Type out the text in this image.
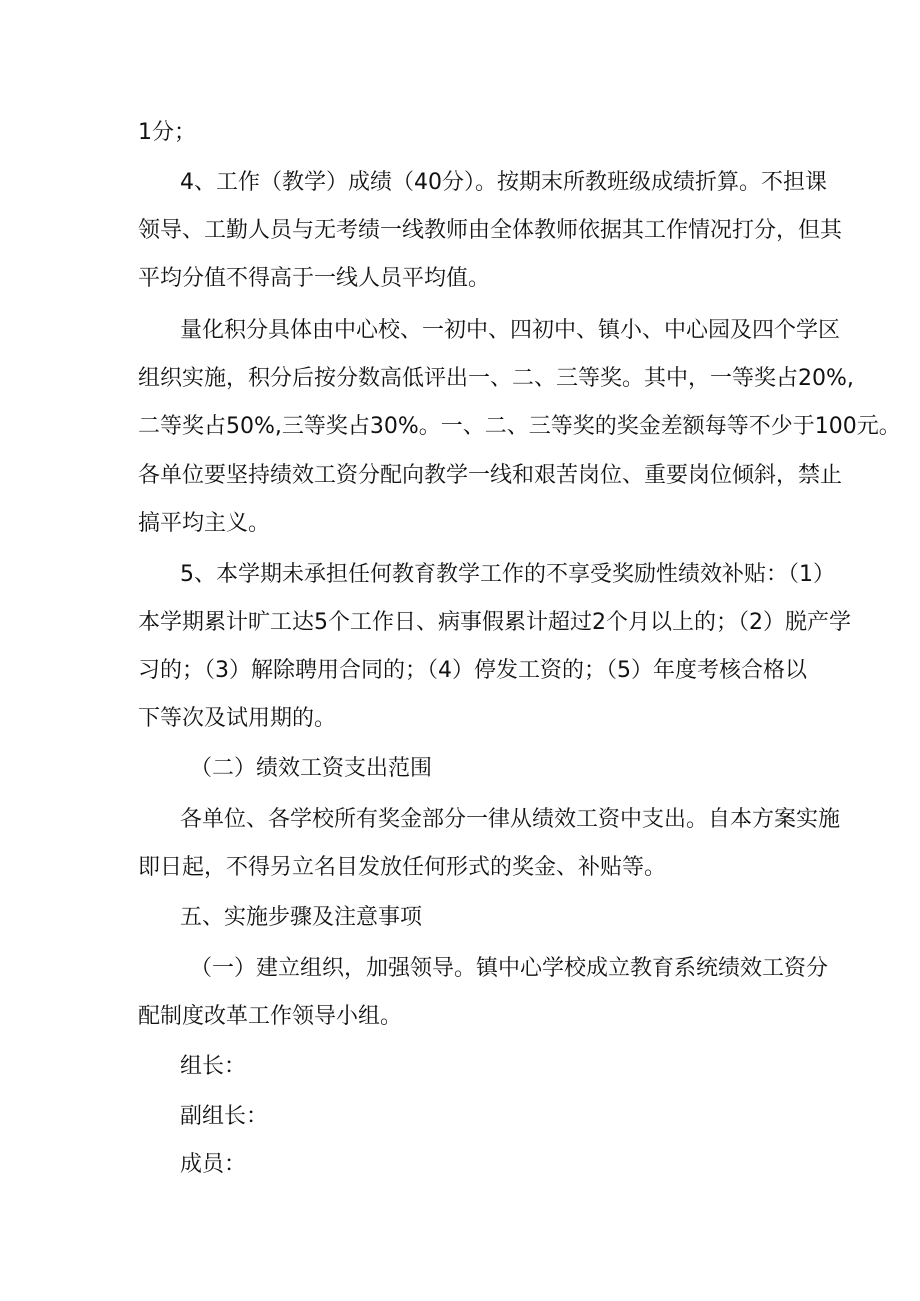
1分；
4、工作（教学）成绩（40分）。按期末所教班级成绩折算。不担课
领导、工勤人员与无考绩一线教师由全体教师依据其工作情况打分，但其
平均分值不得高于一线人员平均值。
量化积分具体由中心校、一初中、四初中、镇小、中心园及四个学区
组织实施，积分后按分数高低评出一、二、三等奖。其中，一等奖占20%,
二等奖占50%,三等奖占30%。一、二、三等奖的奖金差额每等不少于100元。
各单位要坚持绩效工资分配向教学一线和艰苦岗位、重要岗位倾斜，禁止
搞平均主义。
5、本学期未承担任何教育教学工作的不享受奖励性绩效补贴：（1）
本学期累计旷工达5个工作日、病事假累计超过2个月以上的；（2）脱产学
习的；（3）解除聘用合同的；（4）停发工资的；（5）年度考核合格以
下等次及试用期的。
（二）绩效工资支出范围
各单位、各学校所有奖金部分一律从绩效工资中支出。自本方案实施
即日起，不得另立名目发放任何形式的奖金、补贴等。
五、实施步骤及注意事项
（一）建立组织，加强领导。镇中心学校成立教育系统绩效工资分
配制度改革工作领导小组。
组长：
副组长：
成员：
